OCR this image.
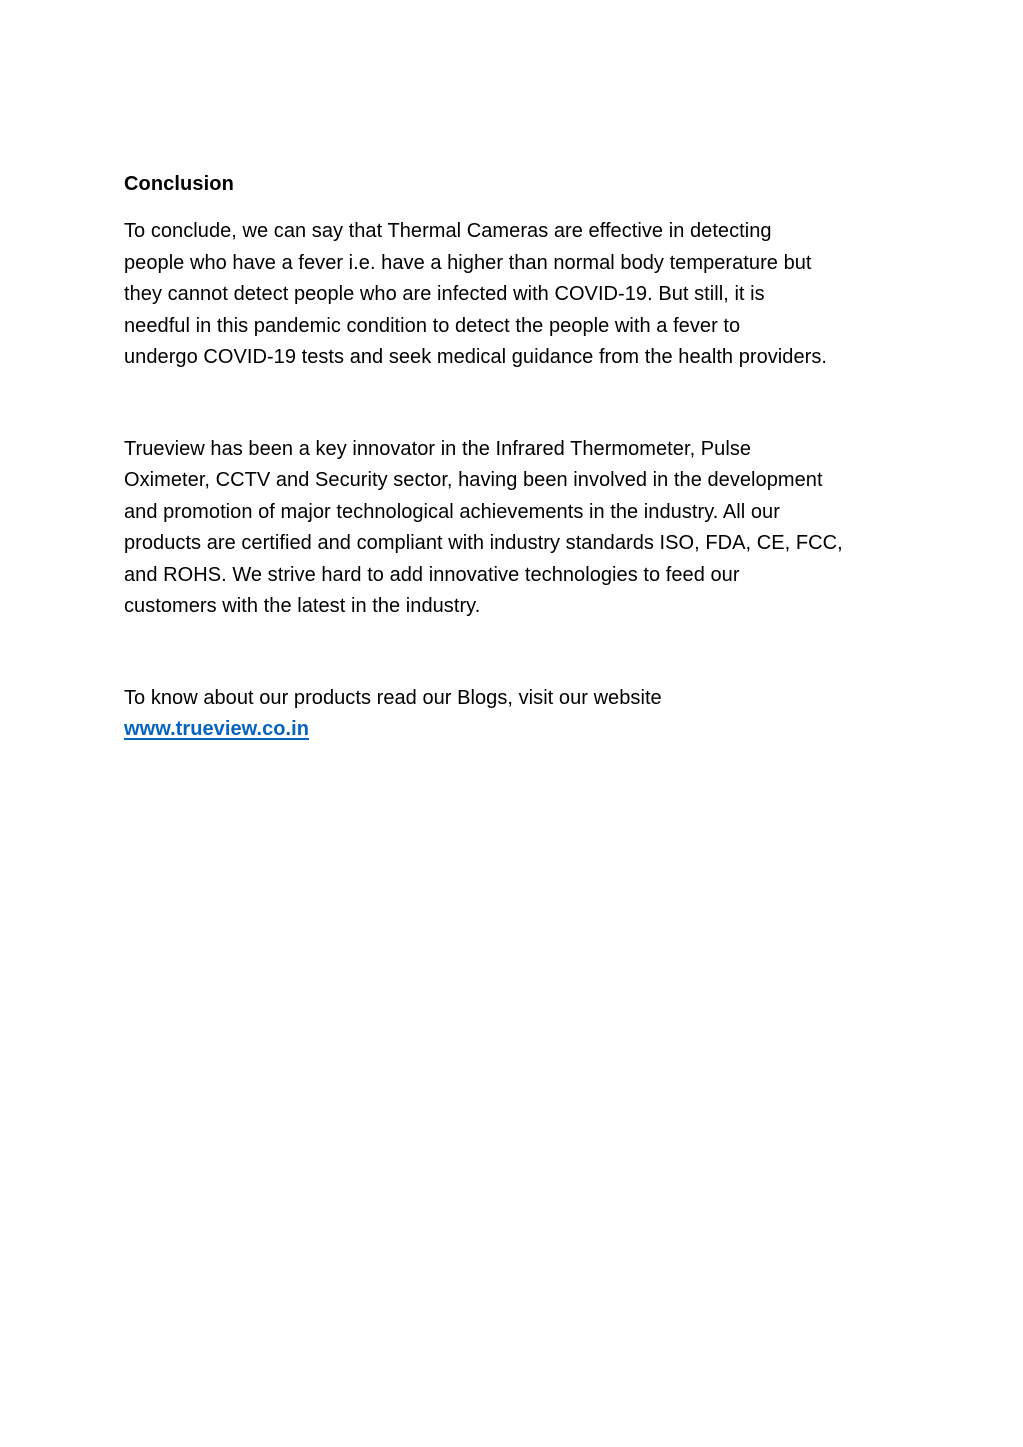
Conclusion

To conclude, we can say that Thermal Cameras are effective in detecting
people who have a fever i.e. have a higher than normal body temperature but
they cannot detect people who are infected with COVID-19. But still, it is
needful in this pandemic condition to detect the people with a fever to
undergo COVID-19 tests and seek medical guidance from the health providers.

Trueview has been a key innovator in the Infrared Thermometer, Pulse
Oximeter, CCTV and Security sector, having been involved in the development
and promotion of major technological achievements in the industry. All our
products are certified and compliant with industry standards ISO, FDA, CE, FCC,
and ROHS. We strive hard to add innovative technologies to feed our
customers with the latest in the industry.

To know about our products read our Blogs, visit our website
www.trueview.co.in
